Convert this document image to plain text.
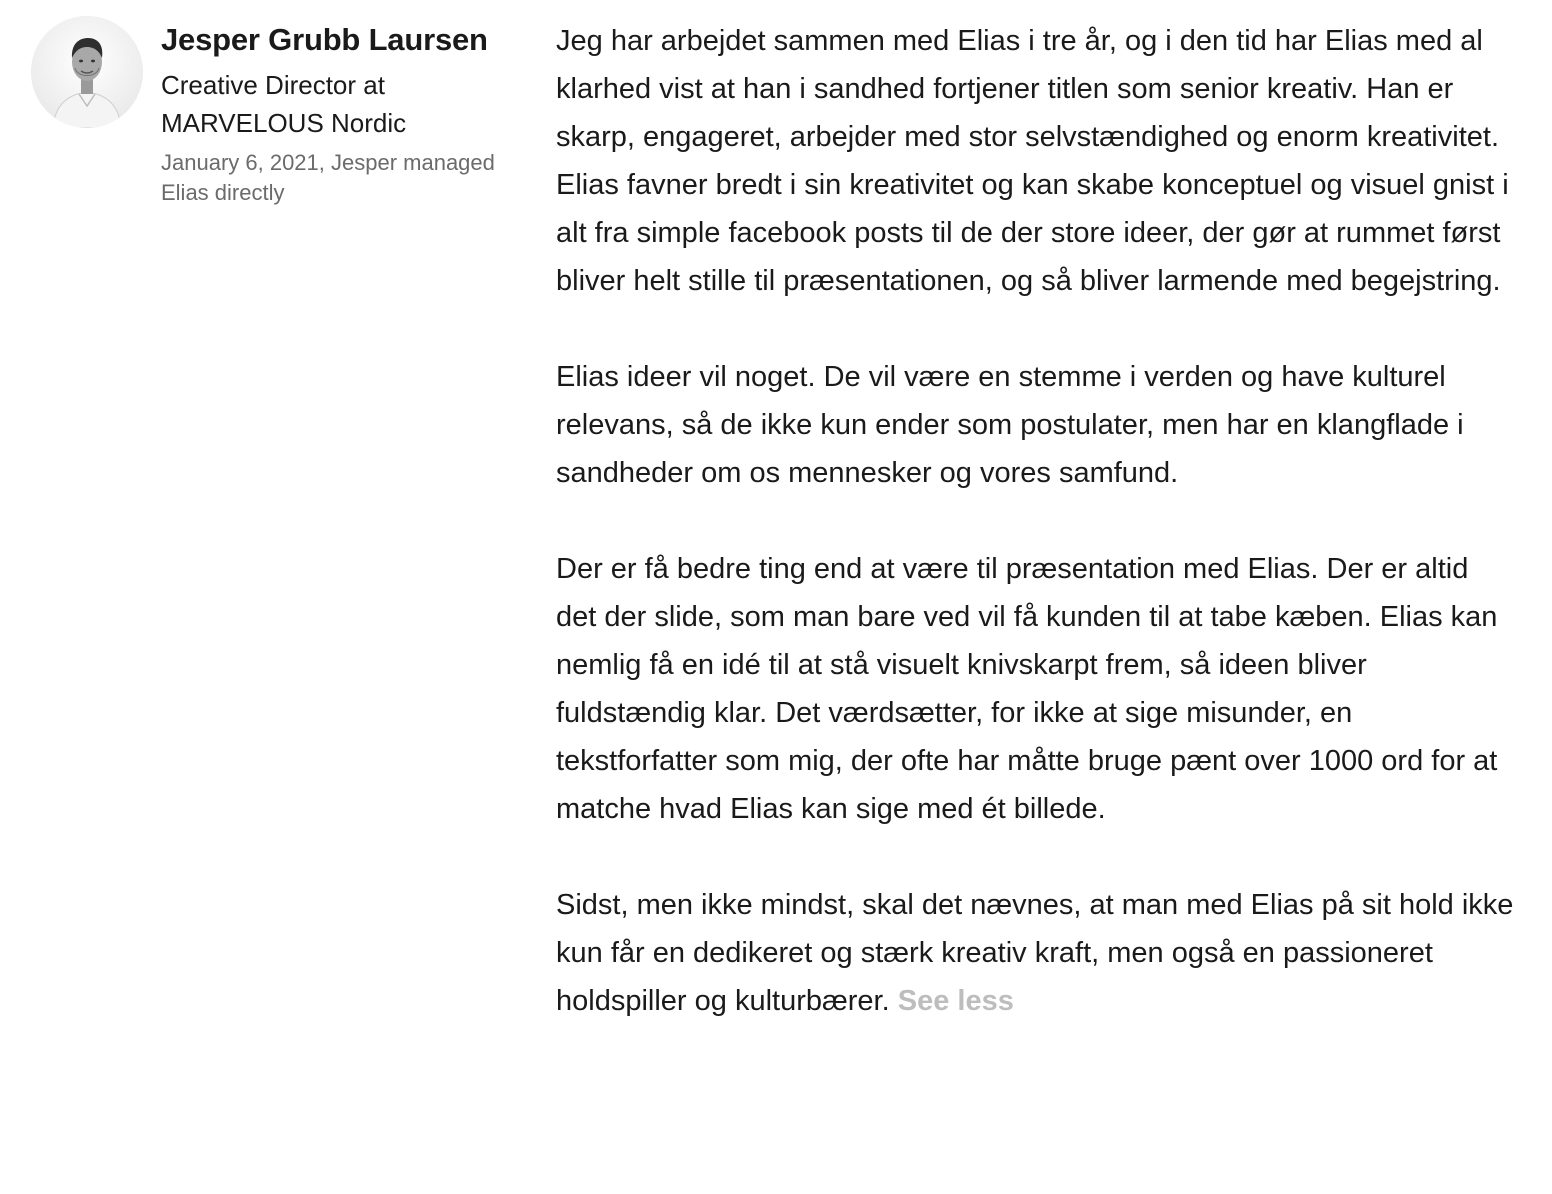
Jesper Grubb Laursen
Creative Director at MARVELOUS Nordic
January 6, 2021, Jesper managed Elias directly

Jeg har arbejdet sammen med Elias i tre år, og i den tid har Elias med al klarhed vist at han i sandhed fortjener titlen som senior kreativ. Han er skarp, engageret, arbejder med stor selvstændighed og enorm kreativitet. Elias favner bredt i sin kreativitet og kan skabe konceptuel og visuel gnist i alt fra simple facebook posts til de der store ideer, der gør at rummet først bliver helt stille til præsentationen, og så bliver larmende med begejstring.

Elias ideer vil noget. De vil være en stemme i verden og have kulturel relevans, så de ikke kun ender som postulater, men har en klangflade i sandheder om os mennesker og vores samfund.

Der er få bedre ting end at være til præsentation med Elias. Der er altid det der slide, som man bare ved vil få kunden til at tabe kæben. Elias kan nemlig få en idé til at stå visuelt knivskarpt frem, så ideen bliver fuldstændig klar. Det værdsætter, for ikke at sige misunder, en tekstforfatter som mig, der ofte har måtte bruge pænt over 1000 ord for at matche hvad Elias kan sige med ét billede.

Sidst, men ikke mindst, skal det nævnes, at man med Elias på sit hold ikke kun får en dedikeret og stærk kreativ kraft, men også en passioneret holdspiller og kulturbærer. See less
